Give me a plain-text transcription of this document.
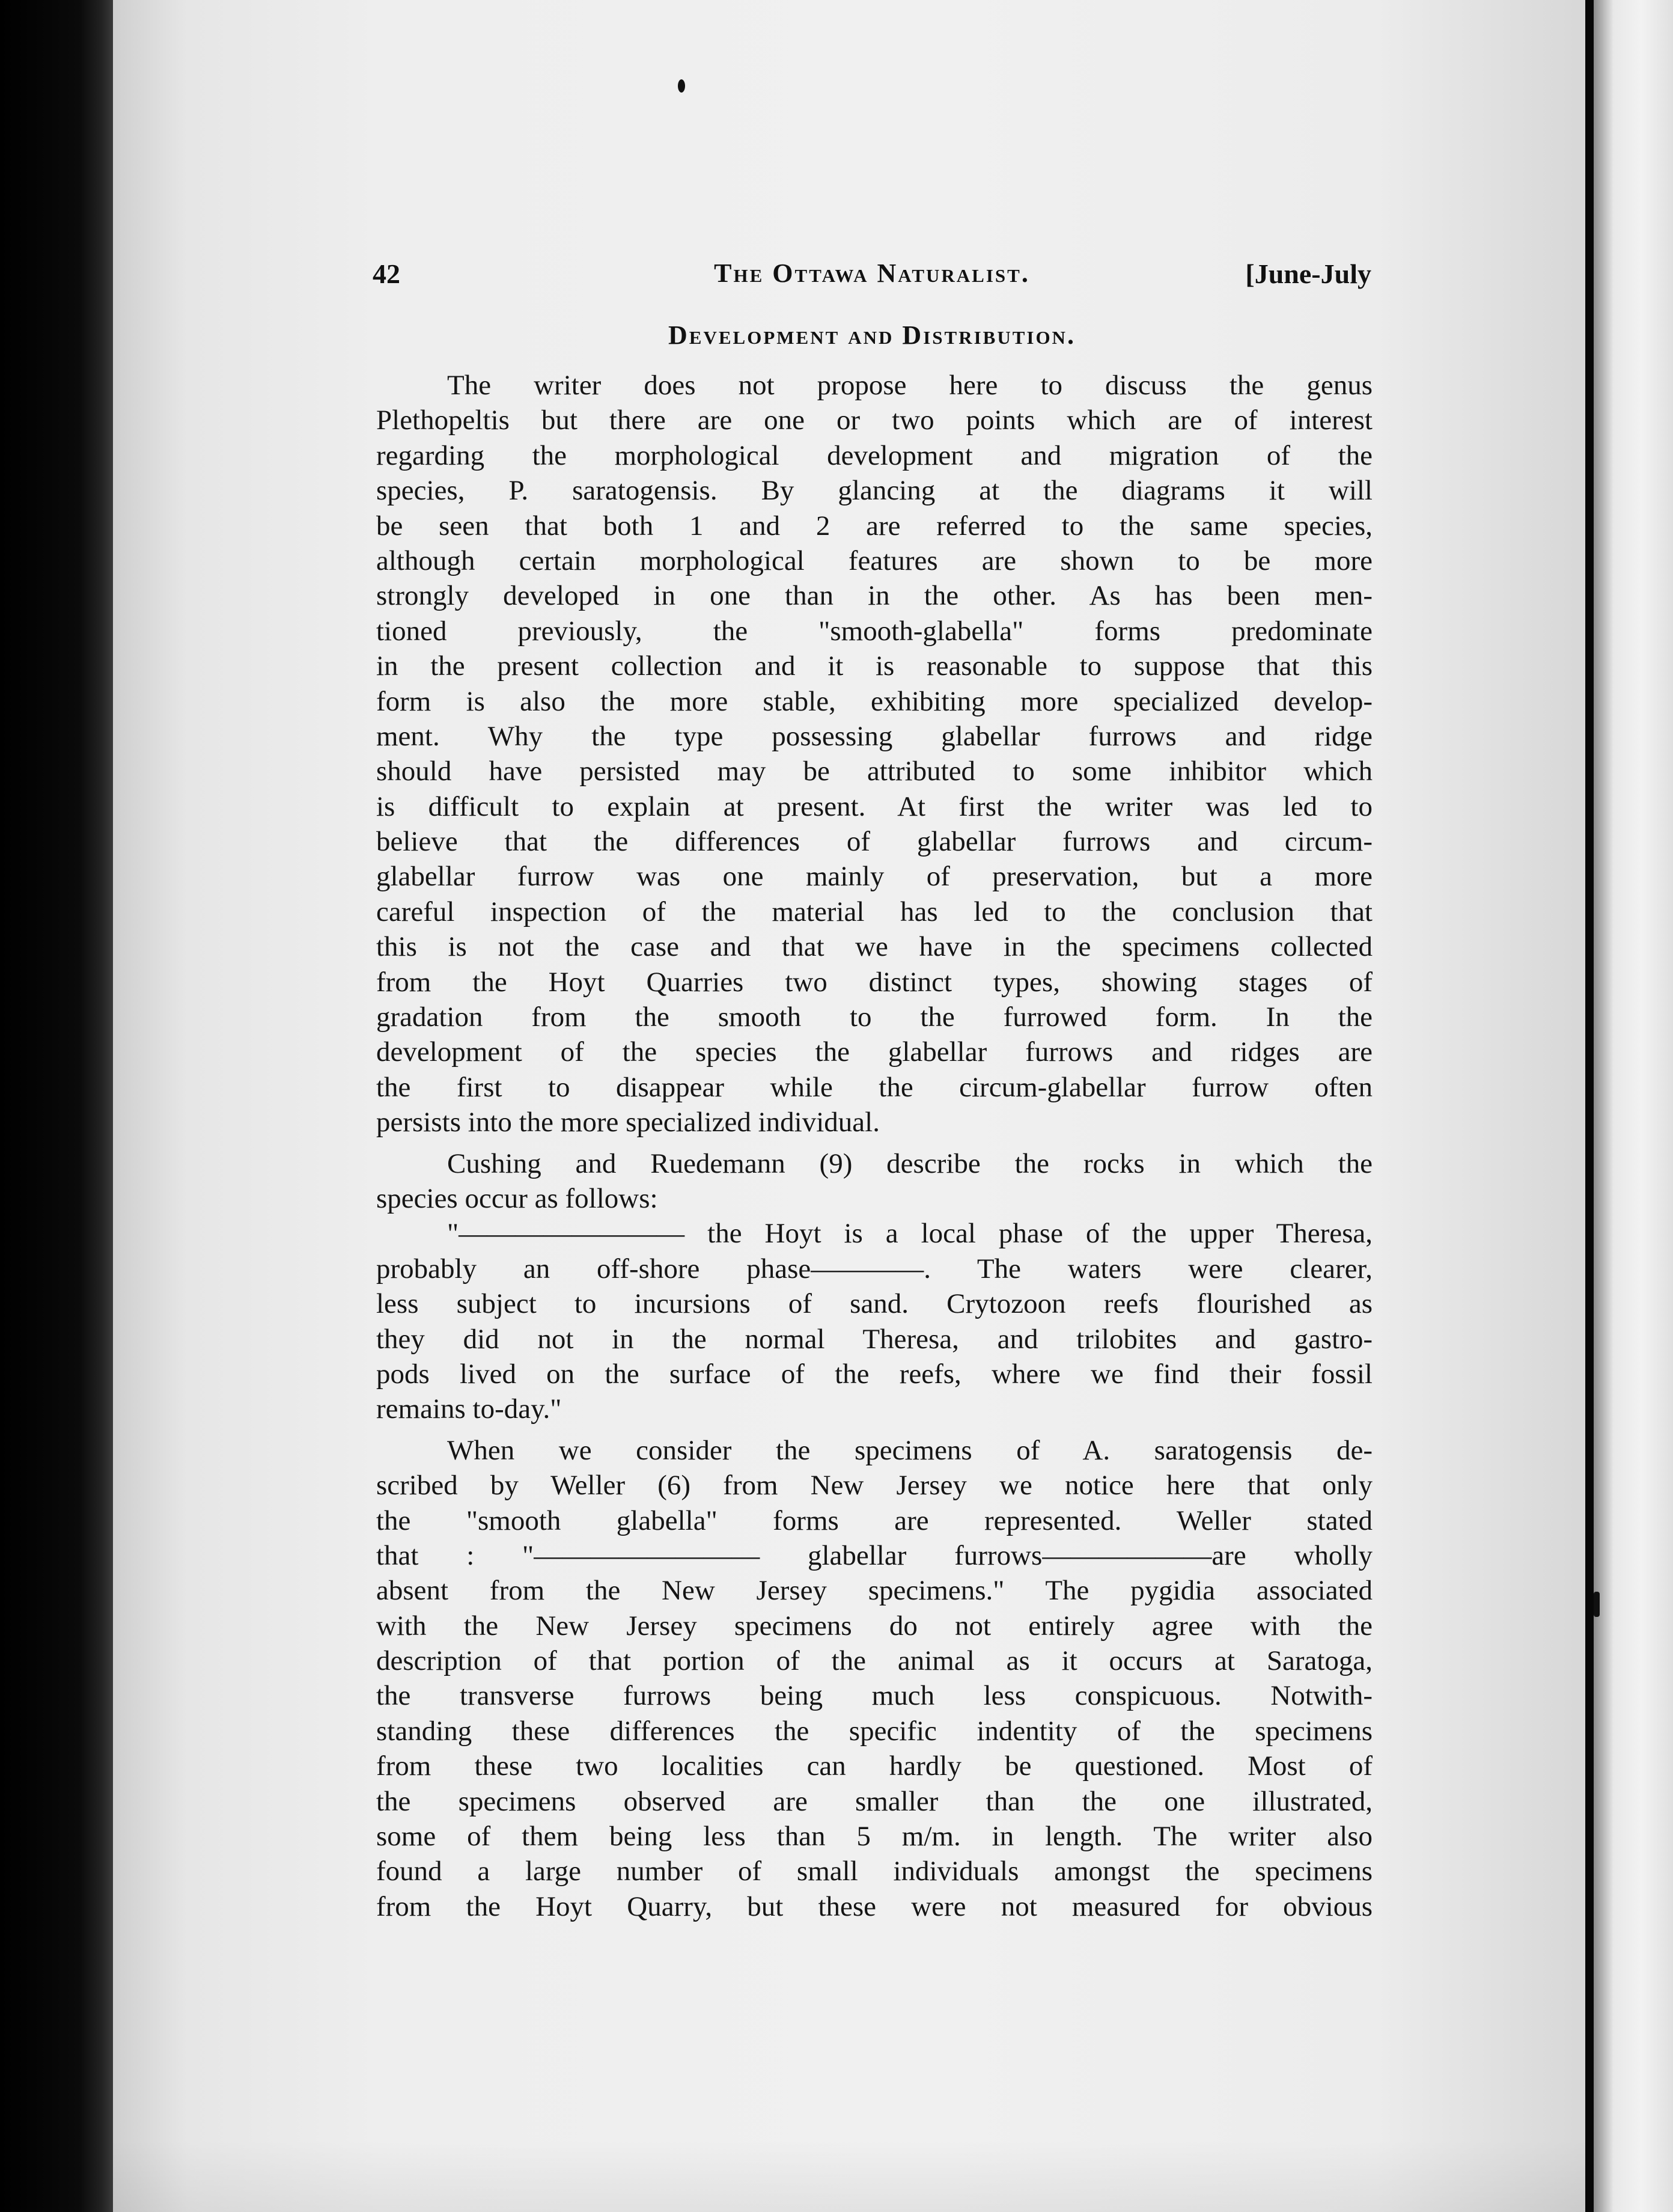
42	The Ottawa Naturalist.	[June-July
Development and Distribution.
The writer does not propose here to discuss the genus
Plethopeltis but there are one or two points which are of interest
regarding the morphological development and migration of the
species, P. saratogensis. By glancing at the diagrams it will
be seen that both 1 and 2 are referred to the same species,
although certain morphological features are shown to be more
strongly developed in one than in the other. As has been men-
tioned previously, the "smooth-glabella" forms predominate
in the present collection and it is reasonable to suppose that this
form is also the more stable, exhibiting more specialized develop-
ment. Why the type possessing glabellar furrows and ridge
should have persisted may be attributed to some inhibitor which
is difficult to explain at present. At first the writer was led to
believe that the differences of glabellar furrows and circum-
glabellar furrow was one mainly of preservation, but a more
careful inspection of the material has led to the conclusion that
this is not the case and that we have in the specimens collected
from the Hoyt Quarries two distinct types, showing stages of
gradation from the smooth to the furrowed form. In the
development of the species the glabellar furrows and ridges are
the first to disappear while the circum-glabellar furrow often
persists into the more specialized individual.
Cushing and Ruedemann (9) describe the rocks in which the
species occur as follows:
"———————— the Hoyt is a local phase of the upper Theresa,
probably an off-shore phase————. The waters were clearer,
less subject to incursions of sand. Crytozoon reefs flourished as
they did not in the normal Theresa, and trilobites and gastro-
pods lived on the surface of the reefs, where we find their fossil
remains to-day."
When we consider the specimens of A. saratogensis de-
scribed by Weller (6) from New Jersey we notice here that only
the "smooth glabella" forms are represented. Weller stated
that : "———————— glabellar furrows——————are wholly
absent from the New Jersey specimens." The pygidia associated
with the New Jersey specimens do not entirely agree with the
description of that portion of the animal as it occurs at Saratoga,
the transverse furrows being much less conspicuous. Notwith-
standing these differences the specific indentity of the specimens
from these two localities can hardly be questioned. Most of
the specimens observed are smaller than the one illustrated,
some of them being less than 5 m/m. in length. The writer also
found a large number of small individuals amongst the specimens
from the Hoyt Quarry, but these were not measured for obvious
